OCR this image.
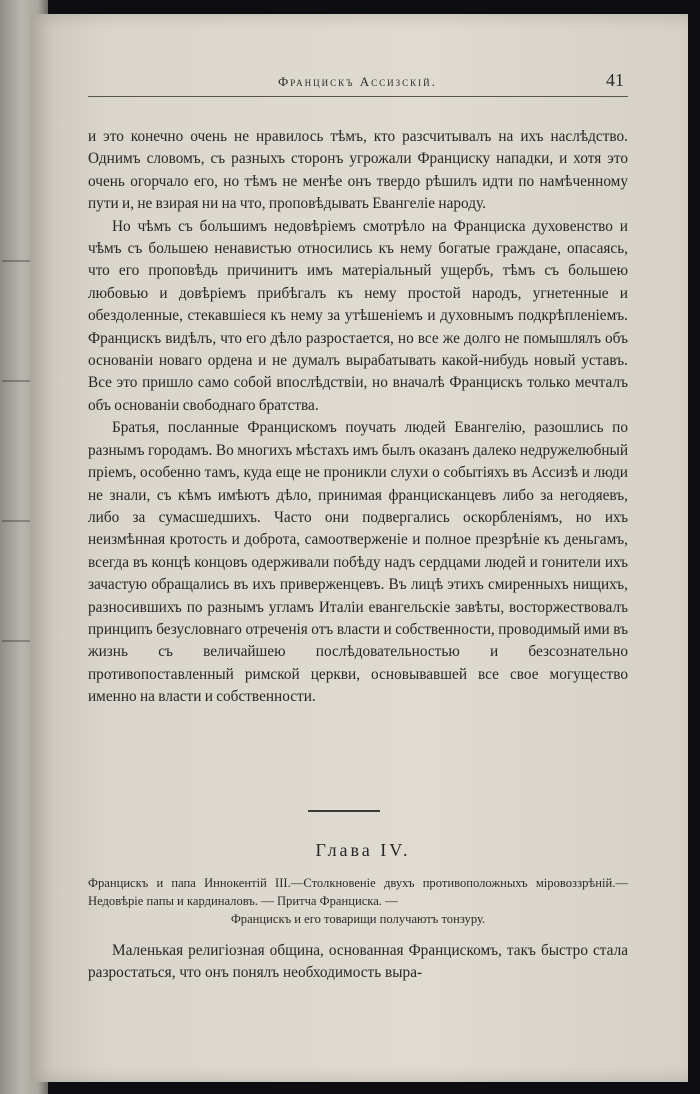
Францискъ Ассизскій.	41

и это конечно очень не нравилось тѣмъ, кто разсчитывалъ на ихъ наслѣдство. Однимъ словомъ, съ разныхъ сторонъ угрожали Франциску нападки, и хотя это очень огорчало его, но тѣмъ не менѣе онъ твердо рѣшилъ идти по намѣченному пути и, не взирая ни на что, проповѣдывать Евангеліе народу.

Но чѣмъ съ большимъ недовѣріемъ смотрѣло на Франциска духовенство и чѣмъ съ большею ненавистью относились къ нему богатые граждане, опасаясь, что его проповѣдь причинитъ имъ матеріальный ущербъ, тѣмъ съ большею любовью и довѣріемъ прибѣгалъ къ нему простой народъ, угнетенные и обездоленные, стекавшіеся къ нему за утѣшеніемъ и духовнымъ подкрѣпленіемъ. Францискъ видѣлъ, что его дѣло разростается, но все же долго не помышлялъ объ основаніи новаго ордена и не думалъ вырабатывать какой-нибудь новый уставъ. Все это пришло само собой впослѣдствіи, но вначалѣ Францискъ только мечталъ объ основаніи свободнаго братства.

Братья, посланные Францискомъ поучать людей Евангелію, разошлись по разнымъ городамъ. Во многихъ мѣстахъ имъ былъ оказанъ далеко недружелюбный пріемъ, особенно тамъ, куда еще не проникли слухи о событіяхъ въ Ассизѣ и люди не знали, съ кѣмъ имѣютъ дѣло, принимая францисканцевъ либо за негодяевъ, либо за сумасшедшихъ. Часто они подвергались оскорбленіямъ, но ихъ неизмѣнная кротость и доброта, самоотверженіе и полное презрѣніе къ деньгамъ, всегда въ концѣ концовъ одерживали побѣду надъ сердцами людей и гонители ихъ зачастую обращались въ ихъ приверженцевъ. Въ лицѣ этихъ смиренныхъ нищихъ, разносившихъ по разнымъ угламъ Италіи евангельскіе завѣты, восторжествовалъ принципъ безусловнаго отреченія отъ власти и собственности, проводимый ими въ жизнь съ величайшею послѣдовательностью и безсознательно противопоставленный римской церкви, основывавшей все свое могущество именно на власти и собственности.

Глава IV.
Францискъ и папа Иннокентій III.—Столкновеніе двухъ противоположныхъ міровоззрѣній.—Недовѣріе папы и кардиналовъ. — Притча Франциска. —
Францискъ и его товарищи получаютъ тонзуру.

Маленькая религіозная община, основанная Францискомъ, такъ быстро стала разростаться, что онъ понялъ необходимость выра-
